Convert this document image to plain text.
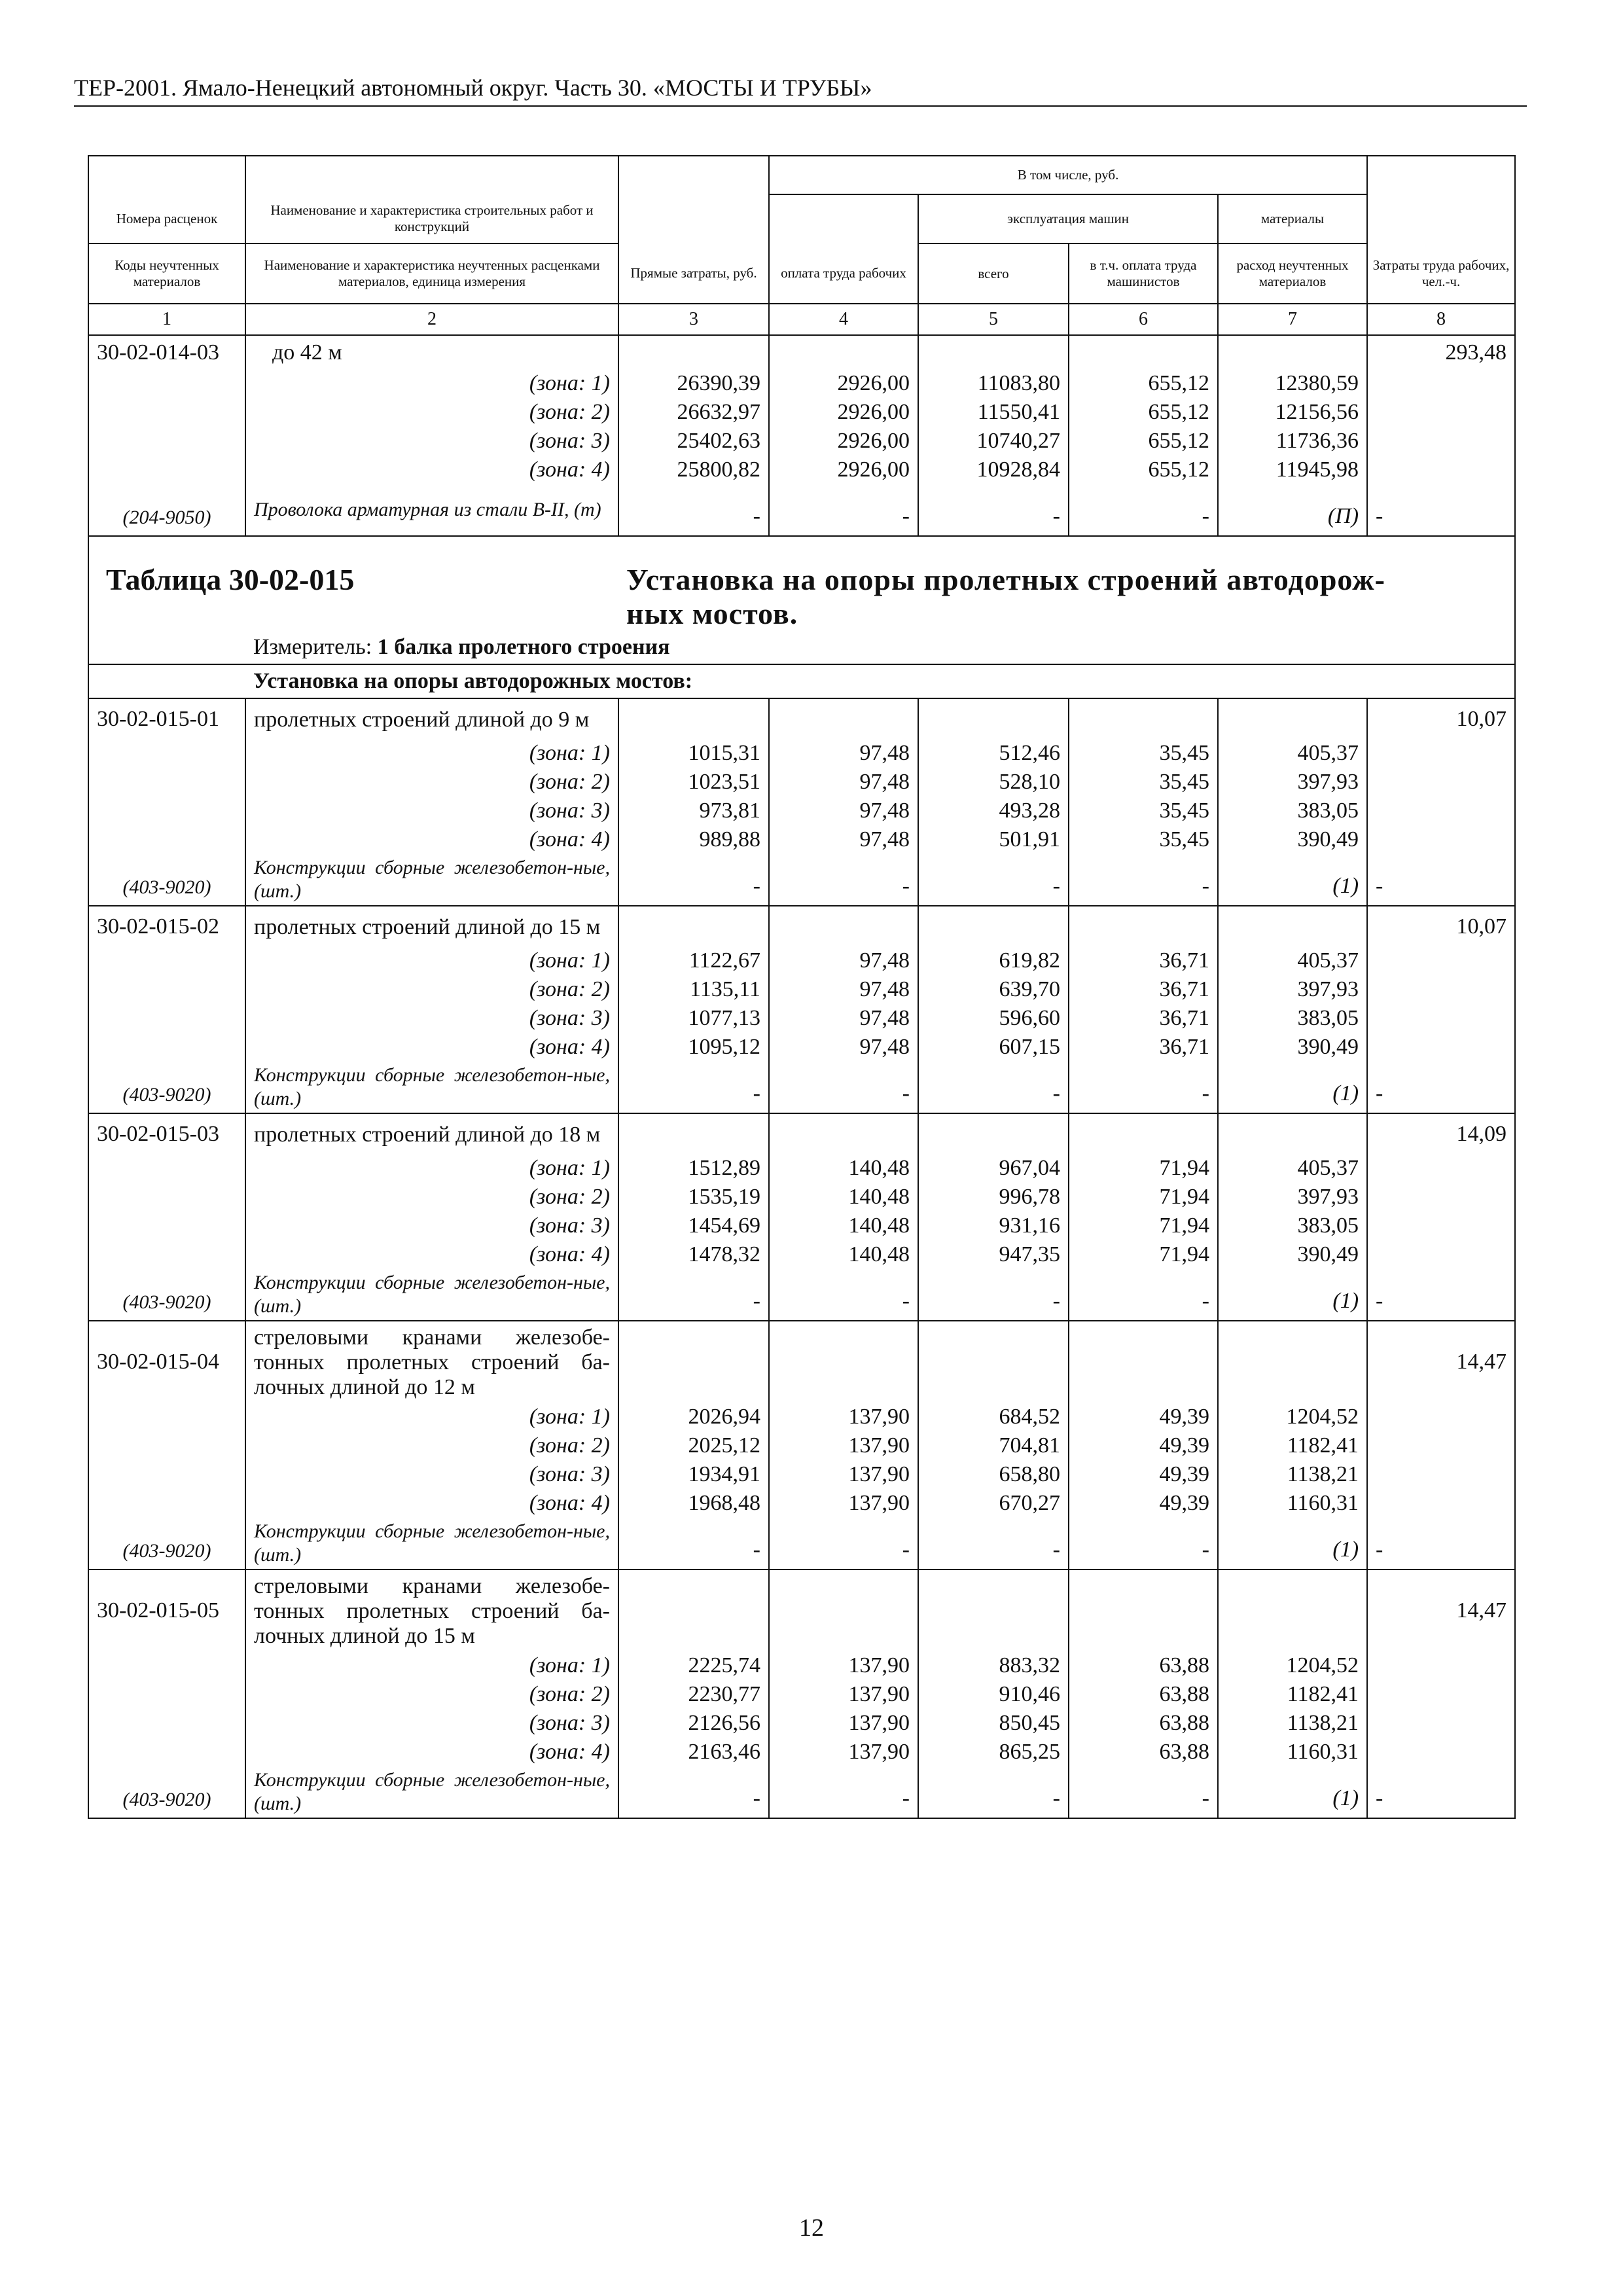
ТЕР-2001. Ямало-Ненецкий автономный округ. Часть 30. «МОСТЫ И ТРУБЫ»
			В том числе, руб.				
Номера расценок	Наименование и характеристика строительных работ и конструкций			эксплуатация машин		материалы	
Коды неучтенных материалов	Наименование и характеристика неучтенных расценками материалов, единица измерения	Прямые затраты, руб.	оплата труда рабочих	всего	в т.ч. оплата труда машинистов	расход неучтенных материалов	Затраты труда рабочих, чел.-ч.
1	2	3	4	5	6	7	8
30-02-014-03	до 42 м						293,48
	(зона: 1)	26390,39	2926,00	11083,80	655,12	12380,59	
	(зона: 2)	26632,97	2926,00	11550,41	655,12	12156,56	
	(зона: 3)	25402,63	2926,00	10740,27	655,12	11736,36	
	(зона: 4)	25800,82	2926,00	10928,84	655,12	11945,98	
(204-9050)	Проволока арматурная из стали В-II, (т)	-	-	-	-	(П)	-
Таблица 30-02-015		Установка на опоры пролетных строений автодорож-ных мостов.					
	Измеритель: 1 балка пролетного строения						
	Установка на опоры автодорожных мостов:						
30-02-015-01	пролетных строений длиной до 9 м						10,07
	(зона: 1)	1015,31	97,48	512,46	35,45	405,37	
	(зона: 2)	1023,51	97,48	528,10	35,45	397,93	
	(зона: 3)	973,81	97,48	493,28	35,45	383,05	
	(зона: 4)	989,88	97,48	501,91	35,45	390,49	
(403-9020)	Конструкции сборные железобетон-ные, (шт.)	-	-	-	-	(1)	-
30-02-015-02	пролетных строений длиной до 15 м						10,07
	(зона: 1)	1122,67	97,48	619,82	36,71	405,37	
	(зона: 2)	1135,11	97,48	639,70	36,71	397,93	
	(зона: 3)	1077,13	97,48	596,60	36,71	383,05	
	(зона: 4)	1095,12	97,48	607,15	36,71	390,49	
(403-9020)	Конструкции сборные железобетон-ные, (шт.)	-	-	-	-	(1)	-
30-02-015-03	пролетных строений длиной до 18 м						14,09
	(зона: 1)	1512,89	140,48	967,04	71,94	405,37	
	(зона: 2)	1535,19	140,48	996,78	71,94	397,93	
	(зона: 3)	1454,69	140,48	931,16	71,94	383,05	
	(зона: 4)	1478,32	140,48	947,35	71,94	390,49	
(403-9020)	Конструкции сборные железобетон-ные, (шт.)	-	-	-	-	(1)	-
30-02-015-04	стреловыми кранами железобе-тонных пролетных строений ба-лочных длиной до 12 м						14,47
	(зона: 1)	2026,94	137,90	684,52	49,39	1204,52	
	(зона: 2)	2025,12	137,90	704,81	49,39	1182,41	
	(зона: 3)	1934,91	137,90	658,80	49,39	1138,21	
	(зона: 4)	1968,48	137,90	670,27	49,39	1160,31	
(403-9020)	Конструкции сборные железобетон-ные, (шт.)	-	-	-	-	(1)	-
30-02-015-05	стреловыми кранами железобе-тонных пролетных строений ба-лочных длиной до 15 м						14,47
	(зона: 1)	2225,74	137,90	883,32	63,88	1204,52	
	(зона: 2)	2230,77	137,90	910,46	63,88	1182,41	
	(зона: 3)	2126,56	137,90	850,45	63,88	1138,21	
	(зона: 4)	2163,46	137,90	865,25	63,88	1160,31	
(403-9020)	Конструкции сборные железобетон-ные, (шт.)	-	-	-	-	(1)	-
12
